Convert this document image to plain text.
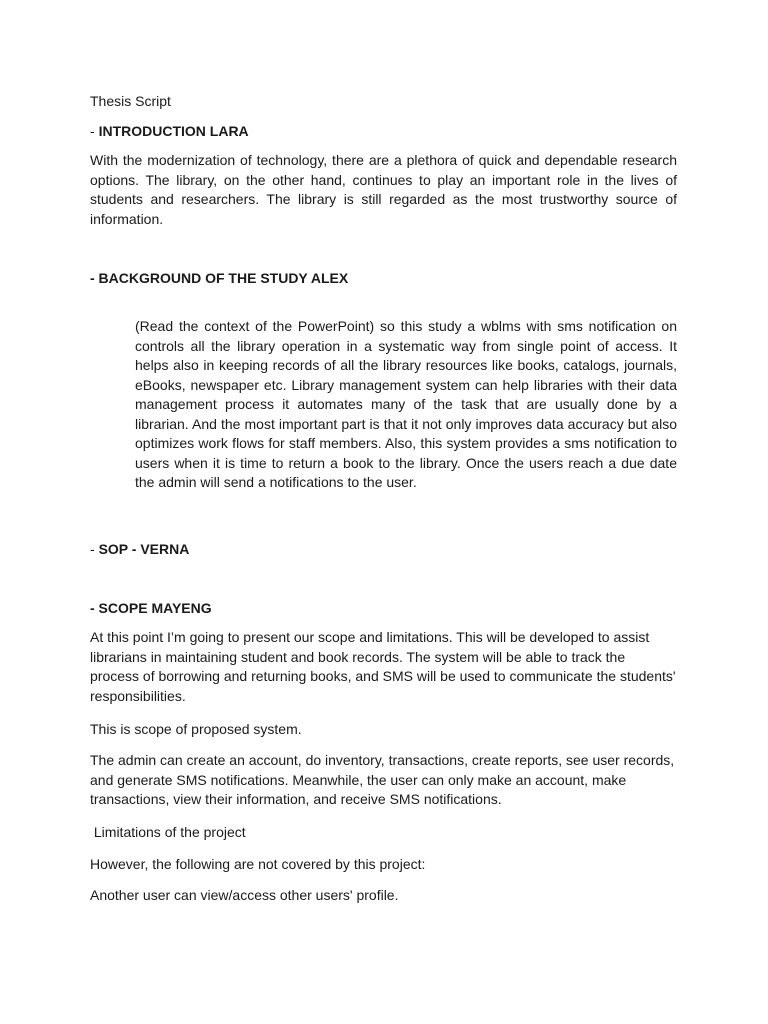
Thesis Script

- INTRODUCTION LARA

With the modernization of technology, there are a plethora of quick and dependable research options. The library, on the other hand, continues to play an important role in the lives of students and researchers. The library is still regarded as the most trustworthy source of information.

- BACKGROUND OF THE STUDY ALEX

(Read the context of the PowerPoint) so this study a wblms with sms notification on controls all the library operation in a systematic way from single point of access. It helps also in keeping records of all the library resources like books, catalogs, journals, eBooks, newspaper etc. Library management system can help libraries with their data management process it automates many of the task that are usually done by a librarian. And the most important part is that it not only improves data accuracy but also optimizes work flows for staff members. Also, this system provides a sms notification to users when it is time to return a book to the library. Once the users reach a due date the admin will send a notifications to the user.

- SOP - VERNA
- SCOPE MAYENG

At this point I’m going to present our scope and limitations. This will be developed to assist librarians in maintaining student and book records. The system will be able to track the process of borrowing and returning books, and SMS will be used to communicate the students' responsibilities.

This is scope of proposed system.

The admin can create an account, do inventory, transactions, create reports, see user records, and generate SMS notifications. Meanwhile, the user can only make an account, make transactions, view their information, and receive SMS notifications.

Limitations of the project

However, the following are not covered by this project:

Another user can view/access other users' profile.
